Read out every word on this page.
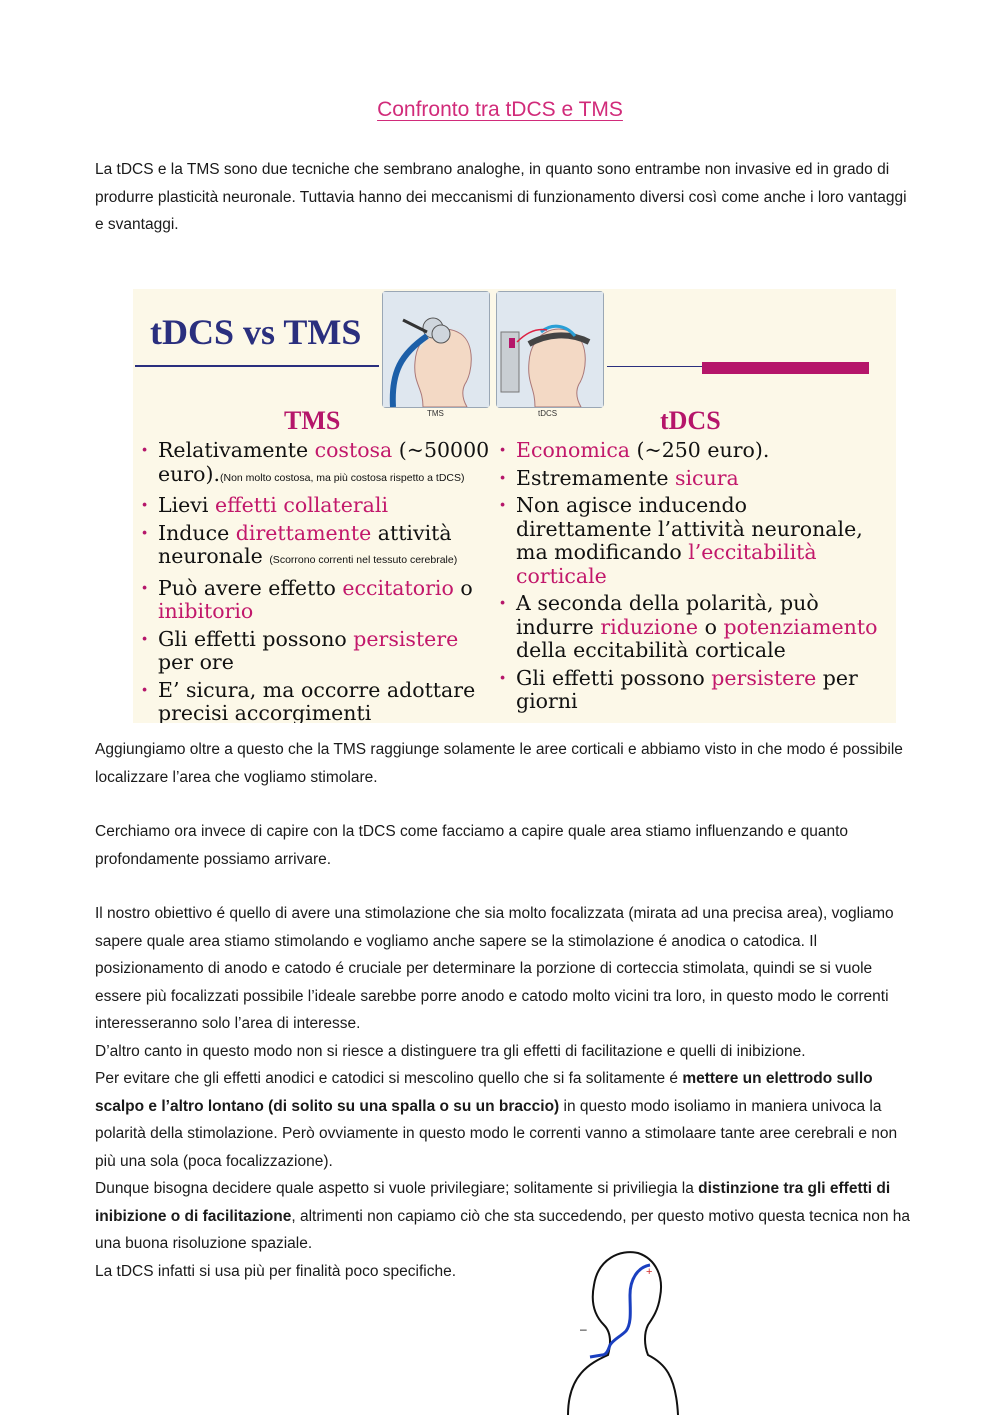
Confronto tra tDCS e TMS

La tDCS e la TMS sono due tecniche che sembrano analoghe, in quanto sono entrambe non invasive ed in grado di produrre plasticità neuronale. Tuttavia hanno dei meccanismi di funzionamento diversi così come anche i loro vantaggi e svantaggi.

tDCS vs TMS
TMS	tDCS
TMS	tDCS
· Relativamente costosa (~50000 euro).(Non molto costosa, ma più costosa rispetto a tDCS)
· Lievi effetti collaterali
· Induce direttamente attività neuronale (Scorrono correnti nel tessuto cerebrale)
· Può avere effetto eccitatorio o inibitorio
· Gli effetti possono persistere per ore
· E’ sicura, ma occorre adottare precisi accorgimenti
· Economica (~250 euro).
· Estremamente sicura
· Non agisce inducendo direttamente l’attività neuronale, ma modificando l’eccitabilità corticale
· A seconda della polarità, può indurre riduzione o potenziamento della eccitabilità corticale
· Gli effetti possono persistere per giorni

Aggiungiamo oltre a questo che la TMS raggiunge solamente le aree corticali e abbiamo visto in che modo é possibile localizzare l’area che vogliamo stimolare.

Cerchiamo ora invece di capire con la tDCS come facciamo a capire quale area stiamo influenzando e quanto profondamente possiamo arrivare.

Il nostro obiettivo é quello di avere una stimolazione che sia molto focalizzata (mirata ad una precisa area), vogliamo sapere quale area stiamo stimolando e vogliamo anche sapere se la stimolazione é anodica o catodica. Il posizionamento di anodo e catodo é cruciale per determinare la porzione di corteccia stimolata, quindi se si vuole essere più focalizzati possibile l’ideale sarebbe porre anodo e catodo molto vicini tra loro, in questo modo le correnti interesseranno solo l’area di interesse.
D’altro canto in questo modo non si riesce a distinguere tra gli effetti di facilitazione e quelli di inibizione.
Per evitare che gli effetti anodici e catodici si mescolino quello che si fa solitamente é mettere un elettrodo sullo scalpo e l’altro lontano (di solito su una spalla o su un braccio) in questo modo isoliamo in maniera univoca la polarità della stimolazione. Però ovviamente in questo modo le correnti vanno a stimolaare tante aree cerebrali e non più una sola (poca focalizzazione).
Dunque bisogna decidere quale aspetto si vuole privilegiare; solitamente si priviliegia la distinzione tra gli effetti di inibizione o di facilitazione, altrimenti non capiamo ciò che sta succedendo, per questo motivo questa tecnica non ha una buona risoluzione spaziale.
La tDCS infatti si usa più per finalità poco specifiche.	+
–
